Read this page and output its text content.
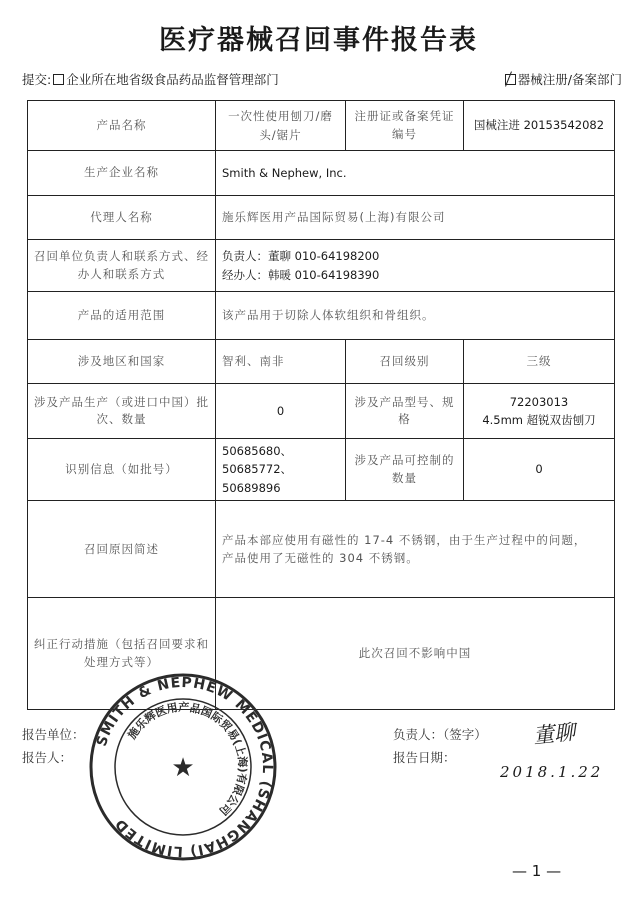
医疗器械召回事件报告表
提交: 企业所在地省级食品药品监督管理部门	器械注册/备案部门
产品名称	一次性使用刨刀/磨头/锯片	注册证或备案凭证编号	国械注进 20153542082
生产企业名称	Smith & Nephew, Inc.		
代理人名称	施乐辉医用产品国际贸易(上海)有限公司		
召回单位负责人和联系方式、经办人和联系方式	负责人：董聊 010-64198200
经办人：韩暖 010-64198390		

产品的适用范围	该产品用于切除人体软组织和骨组织。		
涉及地区和国家	智利、南非	召回级别	三级
涉及产品生产（或进口中国）批次、数量	0	涉及产品型号、规格	72203013
4.5mm 超锐双齿刨刀

识别信息（如批号）	50685680、50685772、
50689896	涉及产品可控制的数量	0
召回原因简述	产品本部应使用有磁性的 17-4 不锈钢，由于生产过程中的问题，
产品使用了无磁性的 304 不锈钢。		

纠正行动措施（包括召回要求和处理方式等）	此次召回不影响中国		
SMITH & NEPHEW MEDICAL (SHANGHAI) LIMITED
施乐辉医用产品国际贸易(上海)有限公司
★
报告单位：
报告人：
负责人：（签字）
报告日期：
董聊
2018.1.22
— 1 —
